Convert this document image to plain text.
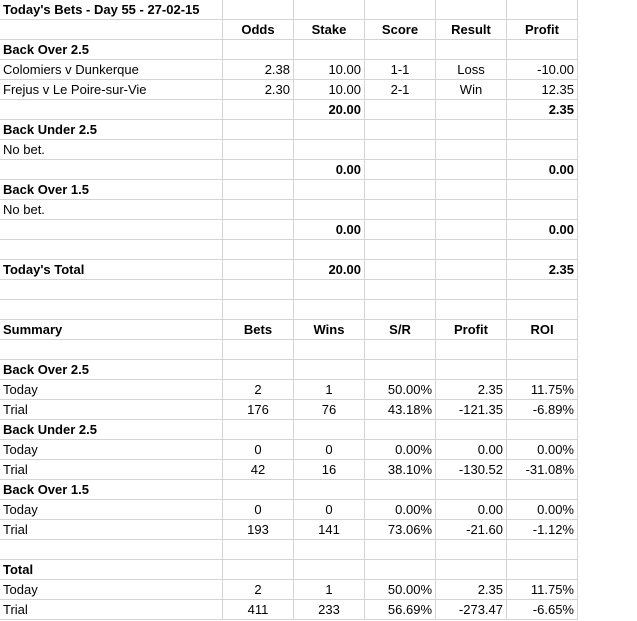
Today's Bets - Day 55 - 27-02-15					
	Odds	Stake	Score	Result	Profit
Back Over 2.5					
Colomiers v Dunkerque	2.38	10.00	1-1	Loss	-10.00
Frejus v Le Poire-sur-Vie	2.30	10.00	2-1	Win	12.35
		20.00			2.35
Back Under 2.5					
No bet.					
		0.00			0.00
Back Over 1.5					
No bet.					
		0.00			0.00

Today's Total		20.00			2.35

Summary	Bets	Wins	S/R	Profit	ROI

Back Over 2.5					
Today	2	1	50.00%	2.35	11.75%
Trial	176	76	43.18%	-121.35	-6.89%
Back Under 2.5					
Today	0	0	0.00%	0.00	0.00%
Trial	42	16	38.10%	-130.52	-31.08%
Back Over 1.5					
Today	0	0	0.00%	0.00	0.00%
Trial	193	141	73.06%	-21.60	-1.12%

Total					
Today	2	1	50.00%	2.35	11.75%
Trial	411	233	56.69%	-273.47	-6.65%
